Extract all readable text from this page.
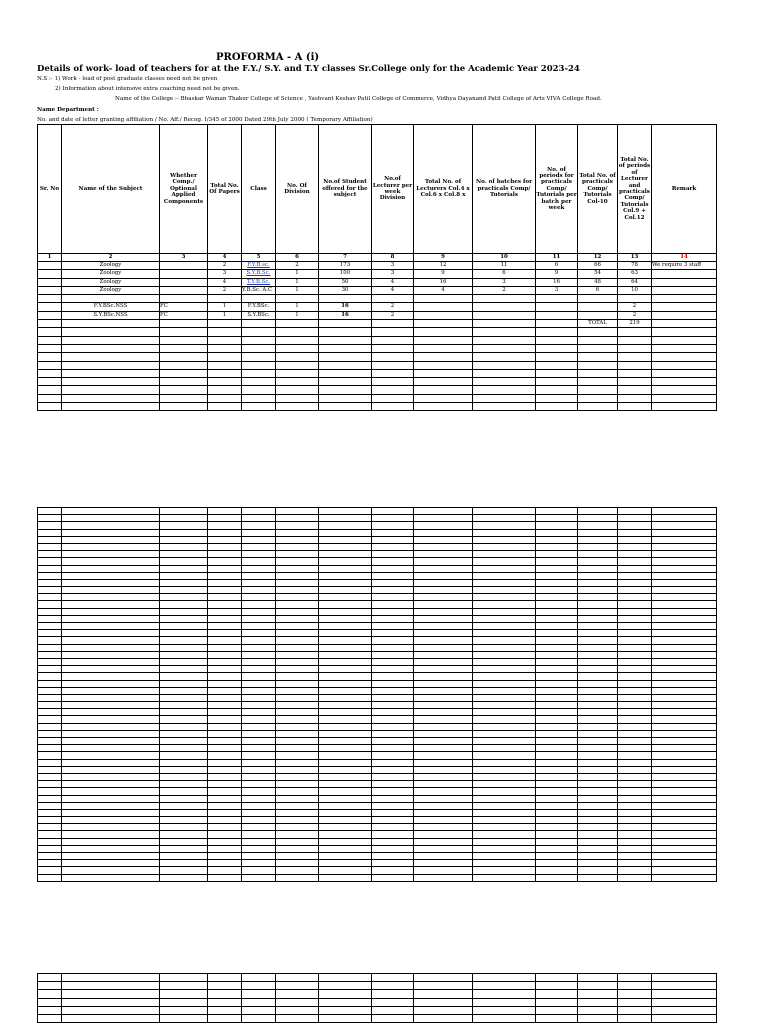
PROFORMA - A (i)
Details of work- load of teachers for at the F.Y./ S.Y. and T.Y classes Sr.College only for the Academic Year 2023-24
N.S :- 1) Work - load of post graduate classes need not be given
2) Information about intensive extra coaching need not be given.
Name of the College :- Bhaskar Waman Thakur College of Science , Yashvant Keshav Patil College of Commerce, Vidhya Dayanand Patil College of Arts VIVA College Road.
Name Department :
No. and date of letter granting affiliation / No. Aff./ Recog. I/345 of 2000 Dated 29th July 2000 ( Temporary Affiliation)
Sr. No	Name of the Subject	Whether Comp./ Optional Applied Components	Total No. Of Papers	Class	No. Of Division	No.of Student offered for the subject	No.of Lecturer per week Division	Total No. of Lecturers Col.4 x Col.6 x Col.8 x	No. of batches for practicals Comp/ Tutorials	No. of periods for practicals Comp/ Tutorials per batch per week	Total No. of practicals Comp/ Tutorials Col-10	Total No. of periods of Lecturer and practicals Comp/ Tutorials Col.9 + Col.12	Remark
1	2	3	4	5	6	7	8	9	10	11	12	13	14
	Zoology		2	F.Y.B.sc.	2	173	3	12	11	6	66	78	We require 3 staff
	Zoology		3	S.Y.B.Sc.	1	100	3	9	6	9	54	63	
	Zoology		4	T.Y.B.Sc.	1	50	4	16	3	16	48	64	
	Zoology		2	Y.B.Sc. A.C	1	30	4	4	2	3	6	10	

	F.Y.BSc.NSS	FC	1	F.Y.BSc.	1	16	2					2	
	S.Y.BSc.NSS	FC	1	S.Y.BSc.	1	16	2					2	
											TOTAL	219	
